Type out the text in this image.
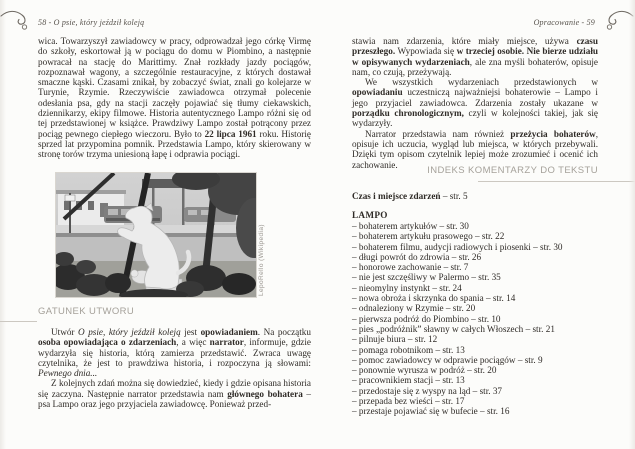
58 - O psie, który jeździł koleją	Opracowanie - 59

wica. Towarzyszył zawiadowcy w pracy, odprowadzał jego córkę Virmę do szkoły, eskortował ją w pociągu do domu w Piombino, a następnie powracał na stację do Marittimy. Znał rozkłady jazdy pociągów, rozpoznawał wagony, a szczególnie restauracyjne, z których dostawał smaczne kąski. Czasami znikał, by zobaczyć świat, znali go kolejarze w Turynie, Rzymie. Rzeczywiście zawiadowca otrzymał polecenie odesłania psa, gdy na stacji zaczęły pojawiać się tłumy ciekawskich, dziennikarzy, ekipy filmowe. Historia autentycznego Lampo różni się od tej przedstawionej w książce. Prawdziwy Lampo został potrącony przez pociąg pewnego ciepłego wieczoru. Było to 22 lipca 1961 roku. Historię sprzed lat przypomina pomnik. Przedstawia Lampo, który skierowany w stronę torów trzyma uniesioną łapę i odprawia pociągi.

LepoRello (Wikipedia)
GATUNEK UTWORU

Utwór O psie, który jeździł koleją jest opowiadaniem. Na początku osoba opowiadająca o zdarzeniach, a więc narrator, informuje, gdzie wydarzyła się historia, którą zamierza przedstawić. Zwraca uwagę czytelnika, że jest to prawdziwa historia, i rozpoczyna ją słowami: Pewnego dnia...

Z kolejnych zdań można się dowiedzieć, kiedy i gdzie opisana historia się zaczyna. Następnie narrator przedstawia nam głównego bohatera – psa Lampo oraz jego przyjaciela zawiadowcę. Ponieważ przed-

stawia nam zdarzenia, które miały miejsce, używa czasu przeszłego. Wypowiada się w trzeciej osobie. Nie bierze udziału w opisywanych wydarzeniach, ale zna myśli bohaterów, opisuje nam, co czują, przeżywają.

We wszystkich wydarzeniach przedstawionych w opowiadaniu uczestniczą najważniejsi bohaterowie – Lampo i jego przyjaciel zawiadowca. Zdarzenia zostały ukazane w porządku chronologicznym, czyli w kolejności takiej, jak się wydarzyły.

Narrator przedstawia nam również przeżycia bohaterów, opisuje ich uczucia, wygląd lub miejsca, w których przebywali. Dzięki tym opisom czytelnik lepiej może zrozumieć i ocenić ich zachowanie.

INDEKS KOMENTARZY DO TEKSTU
Czas i miejsce zdarzeń – str. 5
LAMPO
– bohaterem artykułów – str. 30
– bohaterem artykułu prasowego – str. 22
– bohaterem filmu, audycji radiowych i piosenki – str. 30
– długi powrót do zdrowia – str. 26
– honorowe zachowanie – str. 7
– nie jest szczęśliwy w Palermo – str. 35
– nieomylny instynkt – str. 24
– nowa obroża i skrzynka do spania – str. 14
– odnaleziony w Rzymie – str. 20
– pierwsza podróż do Piombino – str. 10
– pies „podróżnik” sławny w całych Włoszech – str. 21
– pilnuje biura – str. 12
– pomaga robotnikom – str. 13
– pomoc zawiadowcy w odprawie pociągów – str. 9
– ponownie wyrusza w podróż – str. 20
– pracownikiem stacji – str. 13
– przedostaje się z wyspy na ląd – str. 37
– przepada bez wieści – str. 17
– przestaje pojawiać się w bufecie – str. 16
